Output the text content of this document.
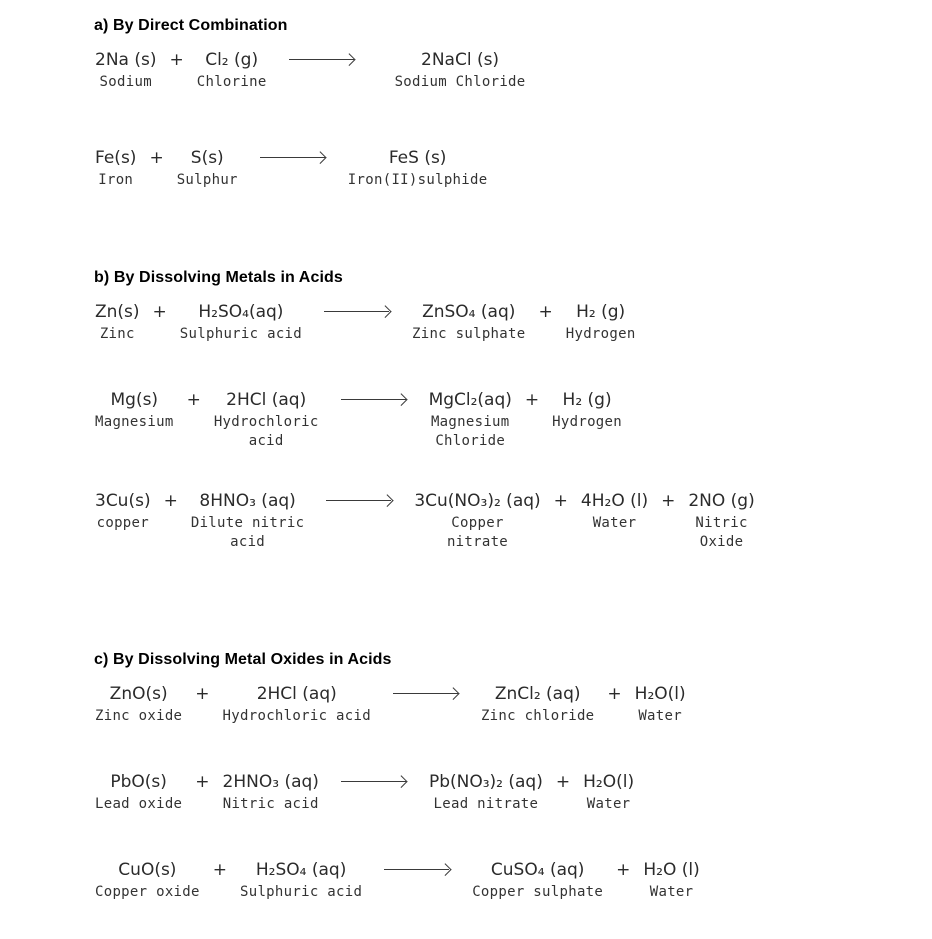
a) By Direct Combination
2Na (s)
Sodium
+ Cl₂ (g)
Chlorine
2NaCl (s)
Sodium Chloride
Fe(s)
Iron
+ S(s)
Sulphur
FeS (s)
Iron(II)sulphide
b) By Dissolving Metals in Acids
Zn(s)
Zinc
+ H₂SO₄(aq)
Sulphuric acid
ZnSO₄ (aq)
Zinc sulphate
+ H₂ (g)
Hydrogen
Mg(s)
Magnesium
+ 2HCl (aq)
Hydrochloric
acid
MgCl₂(aq)
Magnesium
Chloride
+ H₂ (g)
Hydrogen
3Cu(s)
copper
+ 8HNO₃ (aq)
Dilute nitric
acid
3Cu(NO₃)₂ (aq)
Copper
nitrate
+ 4H₂O (l)
Water
+ 2NO (g)
Nitric
Oxide
c) By Dissolving Metal Oxides in Acids
ZnO(s)
Zinc oxide
+	2HCl (aq)
Hydrochloric acid
ZnCl₂ (aq)
Zinc chloride
+ H₂O(l)
Water
PbO(s)
Lead oxide
+ 2HNO₃ (aq)
Nitric acid
Pb(NO₃)₂ (aq)
Lead nitrate
+ H₂O(l)
Water
CuO(s)
Copper oxide
+ H₂SO₄ (aq)
Sulphuric acid
CuSO₄ (aq)
Copper sulphate
+ H₂O (l)
Water
